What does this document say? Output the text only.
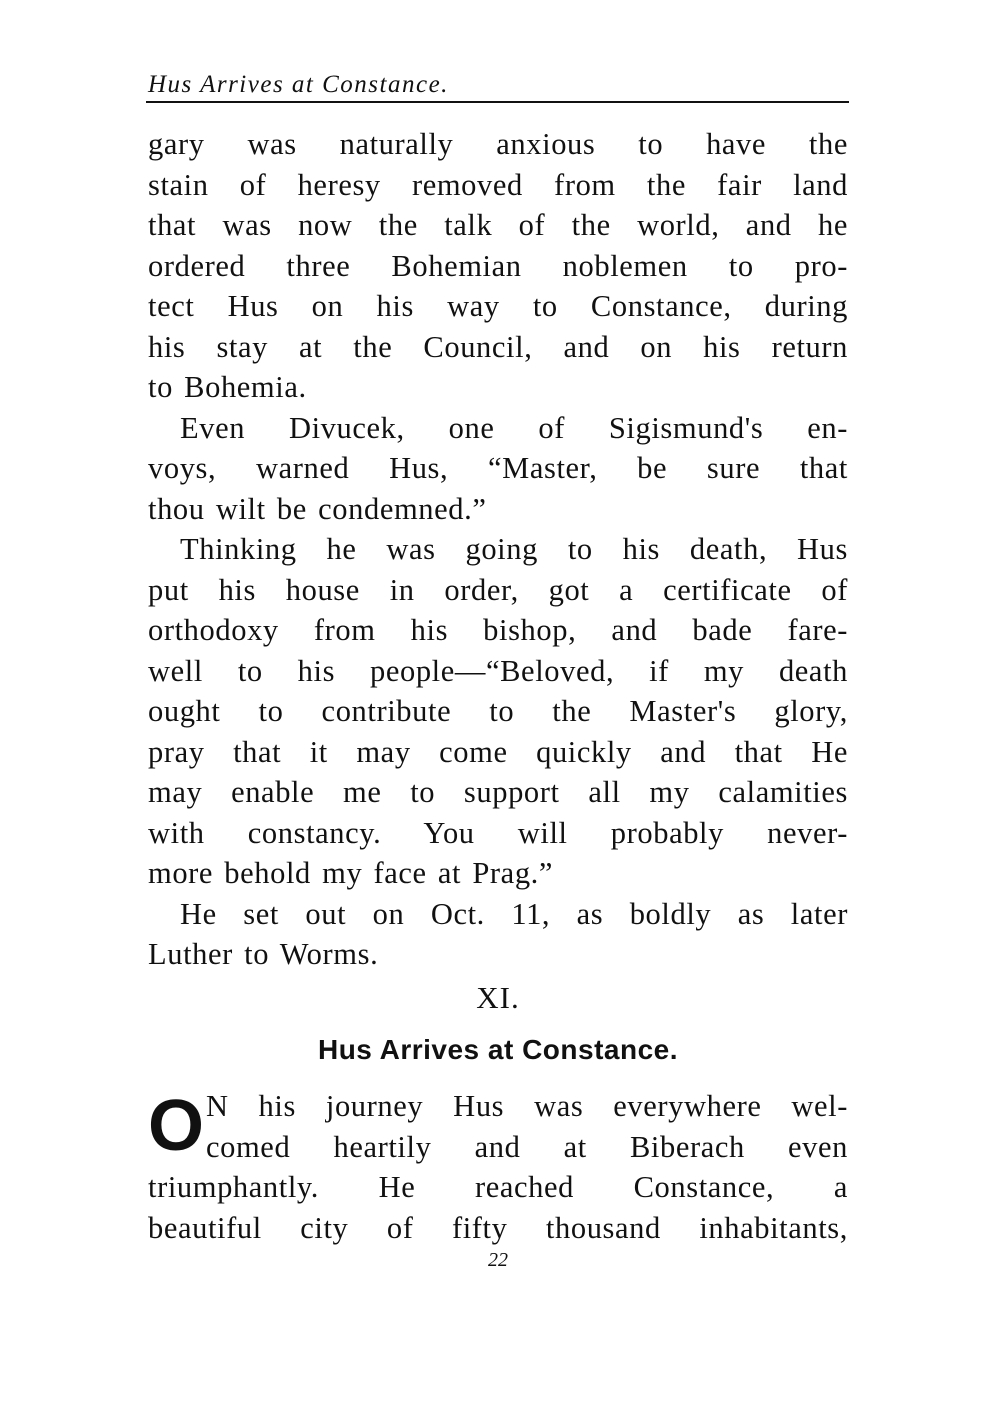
Hus Arrives at Constance.
gary was naturally anxious to have the
stain of heresy removed from the fair land
that was now the talk of the world, and he
ordered three Bohemian noblemen to pro-
tect Hus on his way to Constance, during
his stay at the Council, and on his return
to Bohemia.
Even Divucek, one of Sigismund's en-
voys, warned Hus, “Master, be sure that
thou wilt be condemned.”
Thinking he was going to his death, Hus
put his house in order, got a certificate of
orthodoxy from his bishop, and bade fare-
well to his people—“Beloved, if my death
ought to contribute to the Master's glory,
pray that it may come quickly and that He
may enable me to support all my calamities
with constancy. You will probably never-
more behold my face at Prag.”
He set out on Oct. 11, as boldly as later
Luther to Worms.
XI.
Hus Arrives at Constance.
O N his journey Hus was everywhere wel-
comed heartily and at Biberach even
triumphantly. He reached Constance, a
beautiful city of fifty thousand inhabitants,
22
